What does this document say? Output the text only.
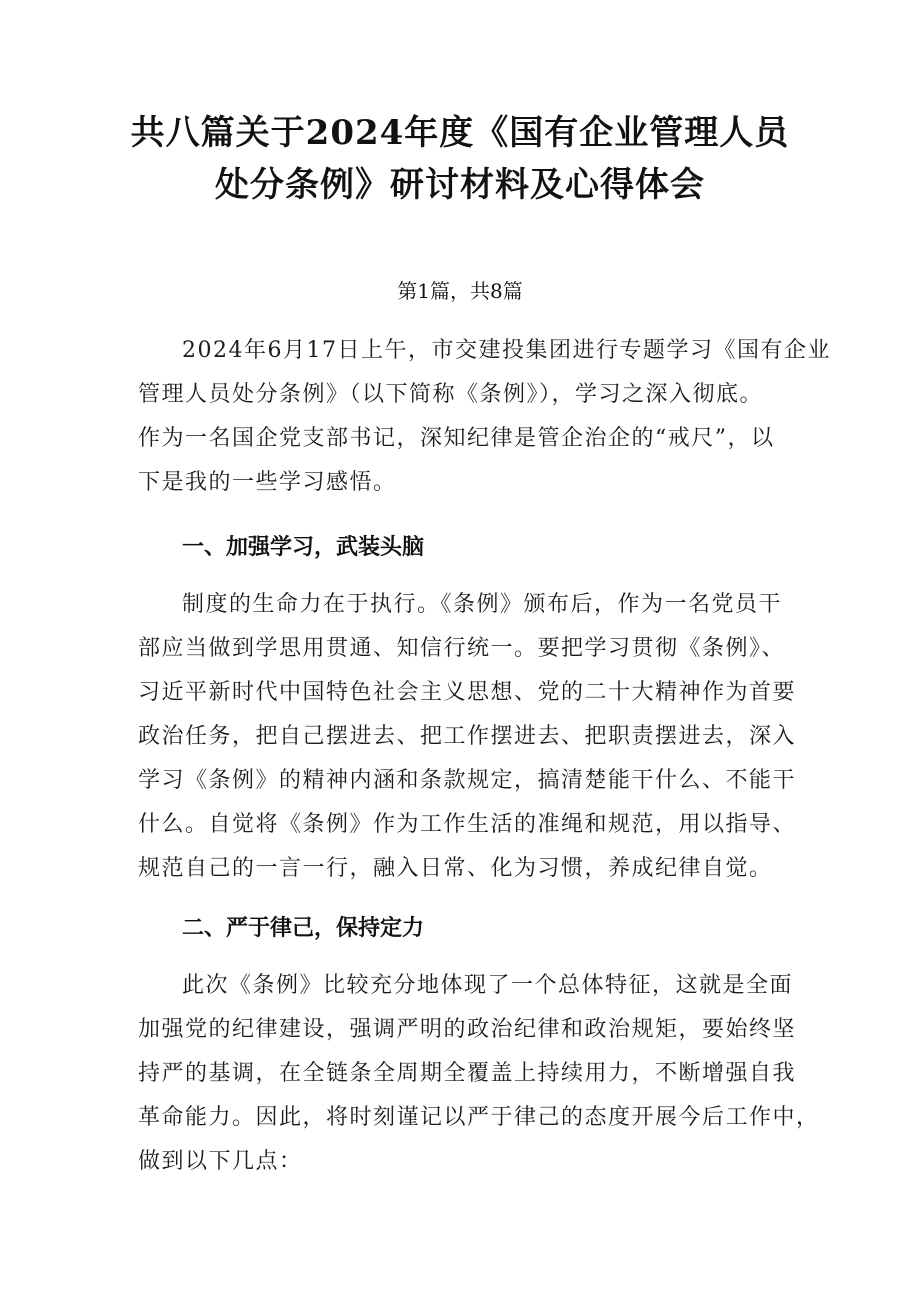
共八篇关于2024年度《国有企业管理人员
处分条例》研讨材料及心得体会
第1篇，共8篇
2024年6月17日上午，市交建投集团进行专题学习《国有企业
管理人员处分条例》（以下简称《条例》），学习之深入彻底。
作为一名国企党支部书记，深知纪律是管企治企的“戒尺”，以
下是我的一些学习感悟。
一、加强学习，武装头脑
制度的生命力在于执行。《条例》颁布后，作为一名党员干
部应当做到学思用贯通、知信行统一。要把学习贯彻《条例》、
习近平新时代中国特色社会主义思想、党的二十大精神作为首要
政治任务，把自己摆进去、把工作摆进去、把职责摆进去，深入
学习《条例》的精神内涵和条款规定，搞清楚能干什么、不能干
什么。自觉将《条例》作为工作生活的准绳和规范，用以指导、
规范自己的一言一行，融入日常、化为习惯，养成纪律自觉。
二、严于律己，保持定力
此次《条例》比较充分地体现了一个总体特征，这就是全面
加强党的纪律建设，强调严明的政治纪律和政治规矩，要始终坚
持严的基调，在全链条全周期全覆盖上持续用力，不断增强自我
革命能力。因此，将时刻谨记以严于律己的态度开展今后工作中，
做到以下几点：
